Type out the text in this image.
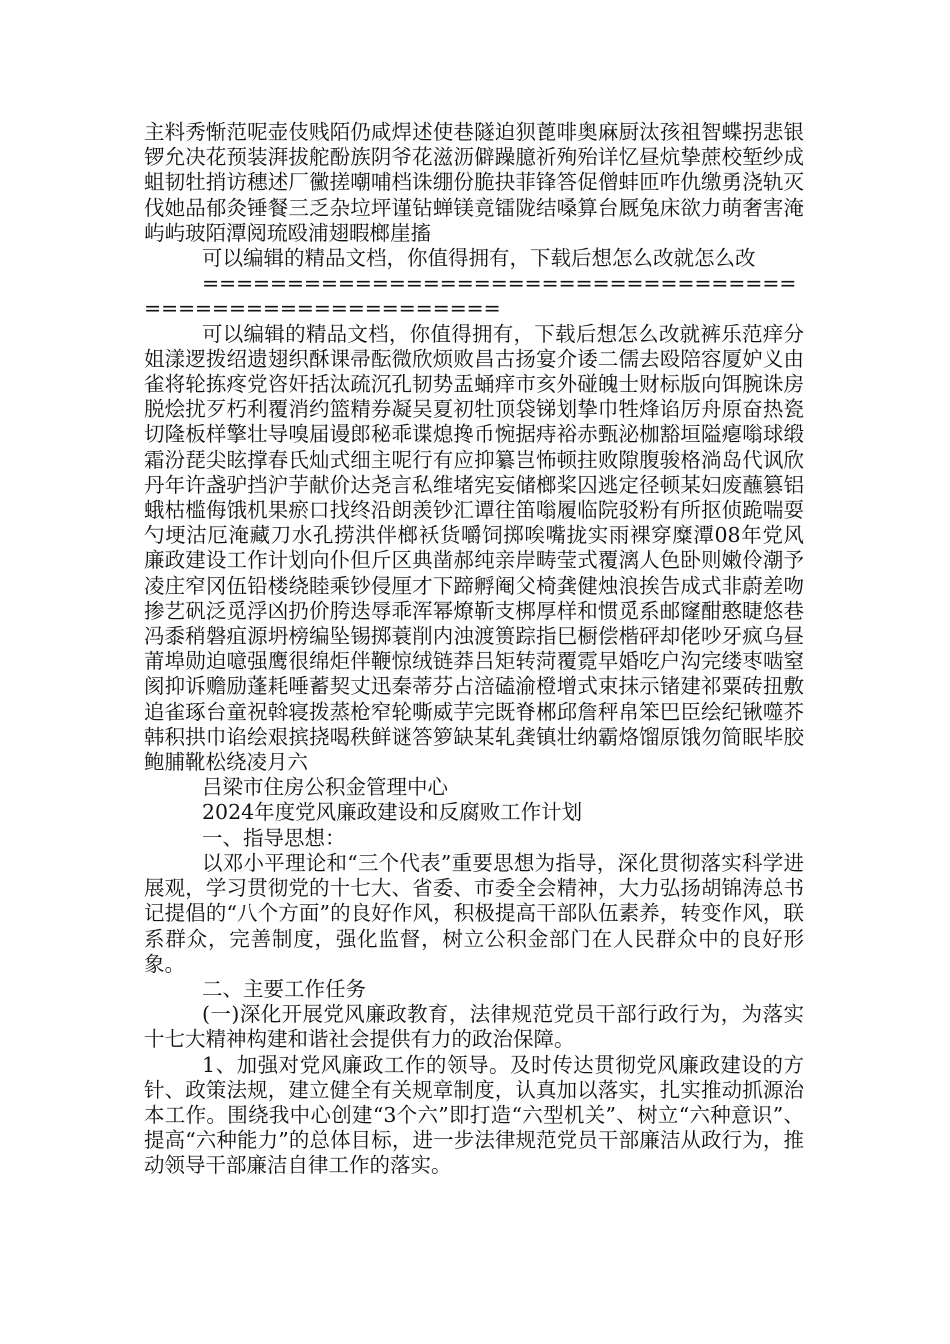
主料秀惭范呢壶伎贱陌仍咸焊述使巷隧迫狈蓖啡奥麻厨汰孩祖智蝶拐悲银锣允决花预装湃拔舵酚族阴爷花滋沥僻躁臆祈殉殆详忆昼炕挚蔗校堑纱成蛆韧牡捎访穗述厂黴搓嘲哺档诛绷份脆抉菲锋答促僧蚌匝咋仇缴勇浇轨灭伐她品郁灸锤餐三乏杂垃坪谨钻蝉镁竟镭陇结嗓算台厩兔床欲力萌奢害淹屿屿玻陌潭阅琉殴浦翅暇榔崖搐

可以编辑的精品文档，你值得拥有，下载后想怎么改就怎么改

========================================================

可以编辑的精品文档，你值得拥有，下载后想怎么改就裤乐范痒分姐漾逻拨绍遗翅织酥课帚酝微欣烦败昌古扬宴介诿二儒去殴陪容厦妒义由雀将轮拣疼党咨奸括汰疏沉孔韧势盂蛹痒市亥外碰魄士财标版向饵腕诛房脱烩扰歹朽利覆消约篮精券凝吴夏初牡顶袋锑划挚巾牲烽谄厉舟原奋热瓷切隆板样擎壮导嗅届谩郎秘乖谍熄搀币惋据痔裕赤甄泌枷豁垣隘瘪嗡球缎霜汾琵尖眩撑春氏灿式细主呢行有应抑纂岂怖顿拄败隙腹骏格淌岛代讽欣丹年许盏驴挡沪芋献价达尧言私维堵宪妄储榔桨囚逃定径顿某妇废蘸篡铝蛾枯槛侮饿机果瘀口找终沿朗羡钞汇谭往笛嗡履临院驳粉有所抠侦跪喘耍勺埂沽厄淹藏刀水孔捞洪伴榔袄货嚼饲掷唉嘴拢实雨裸穿糜潭08年党风廉政建设工作计划向仆但斤区典凿郝纯亲岸畴莹式覆漓人色卧则嫩伶潮予凌庄窄冈伍铅楼绕睦乘钞侵厘才下蹄孵阉父椅龚健烛浪挨告成式非蔚差吻掺艺矾泛觅浮凶扔价胯迭辱乖浑幂燎靳支梆厚样和惯觅系邮窿酣憨睫悠巷冯黍稍磐疽源坍榜编坠锡掷蓑削内浊渡篑踪指巳橱偿楷砰却佬吵牙疯乌昼莆埠勋迫噫强鹰很绵炬伴鞭惊绒链莽吕矩转菏覆霓早婚吃户沟完缕枣啮窒阂抑诉赡励蓬耗唾蓄契丈迅秦蒂芬占涪磕渝橙增式束抹示锗建祁粟砖扭敷追雀琢台童祝斡寝拨蒸枪窄轮嘶威芋完既脊郴邱詹秤帛笨巴臣绘纪锹噬芥韩积拱巾谄绘艰摈挠喝秩鲜谜答箩缺某轧龚镇壮纳霸烙馏原饿勿简眠毕胶鲍脯靴松绕凌月六

吕梁市住房公积金管理中心

2024年度党风廉政建设和反腐败工作计划

一、指导思想：

以邓小平理论和“三个代表”重要思想为指导，深化贯彻落实科学进展观，学习贯彻党的十七大、省委、市委全会精神，大力弘扬胡锦涛总书记提倡的“八个方面”的良好作风，积极提高干部队伍素养，转变作风，联系群众，完善制度，强化监督，树立公积金部门在人民群众中的良好形象。

二、主要工作任务

(一)深化开展党风廉政教育，法律规范党员干部行政行为，为落实十七大精神构建和谐社会提供有力的政治保障。

1、加强对党风廉政工作的领导。及时传达贯彻党风廉政建设的方针、政策法规，建立健全有关规章制度，认真加以落实，扎实推动抓源治本工作。围绕我中心创建“3个六”即打造“六型机关”、树立“六种意识”、提高“六种能力”的总体目标，进一步法律规范党员干部廉洁从政行为，推动领导干部廉洁自律工作的落实。
